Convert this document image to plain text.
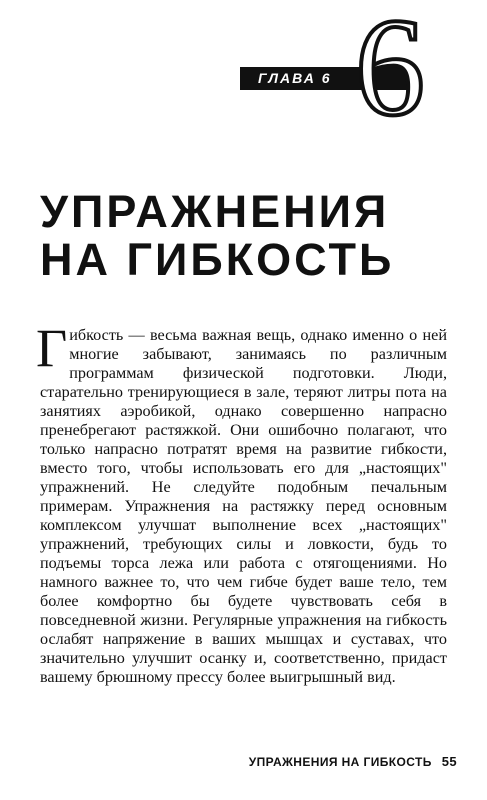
ГЛАВА 6 6
УПРАЖНЕНИЯ
НА ГИБКОСТЬ

Гибкость — весьма важная вещь, однако именно о ней многие забывают, занимаясь по различным программам физической подготовки. Люди, старательно тренирующиеся в зале, теряют литры пота на занятиях аэробикой, однако совершенно напрасно пренебрегают растяжкой. Они ошибочно полагают, что только напрасно потратят время на развитие гибкости, вместо того, чтобы использовать его для „настоящих" упражнений. Не следуйте подобным печальным примерам. Упражнения на растяжку перед основным комплексом улучшат выполнение всех „настоящих" упражнений, требующих силы и ловкости, будь то подъемы торса лежа или работа с отягощениями. Но намного важнее то, что чем гибче будет ваше тело, тем более комфортно бы будете чувствовать себя в повседневной жизни. Регулярные упражнения на гибкость ослабят напряжение в ваших мышцах и суставах, что значительно улучшит осанку и, соответственно, придаст вашему брюшному прессу более выигрышный вид.

УПРАЖНЕНИЯ НА ГИБКОСТЬ 55
